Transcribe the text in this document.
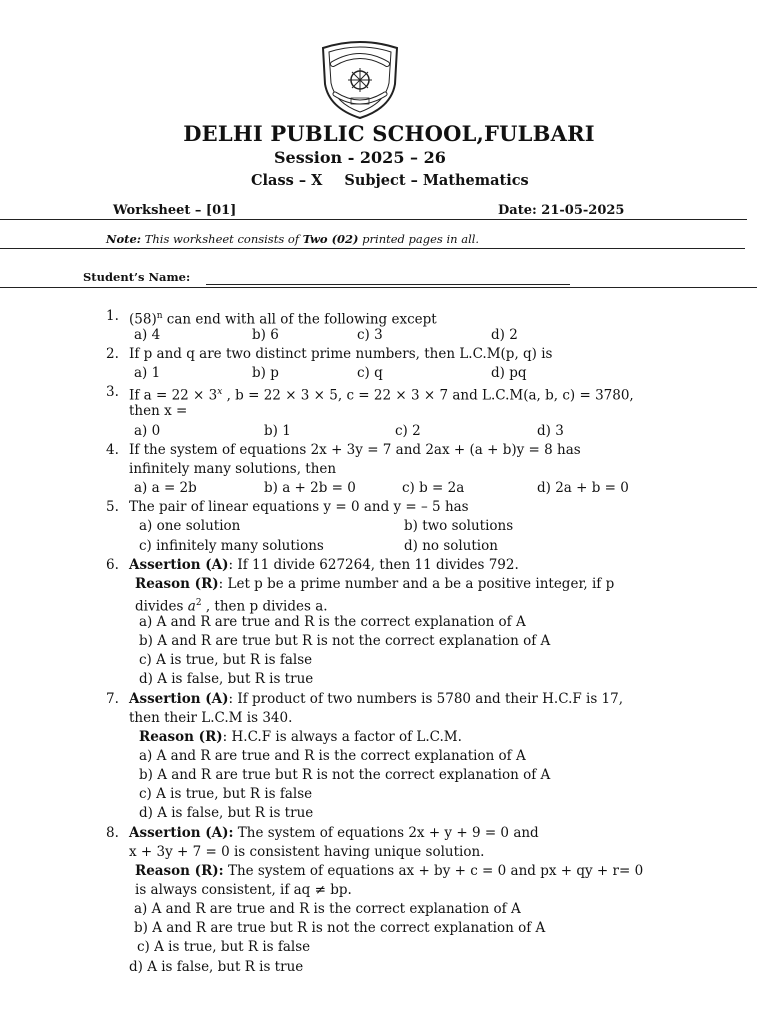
DELHI PUBLIC SCHOOL,FULBARI
Session - 2025 – 26
Class – X Subject – Mathematics
Worksheet – [01]	Date: 21-05-2025
Note: This worksheet consists of Two (02) printed pages in all.
Student’s Name:
1. $(58)^n$ can end with all of the following except
a) 4	b) 6	c) 3	d) 2
2. If p and q are two distinct prime numbers, then L.C.M(p, q) is
a) 1	b) p	c) q	d) pq
3. If $a = 22 \times 3^x$ , b = 22 × 3 × 5, c = 22 × 3 × 7 and L.C.M(a, b, c) = 3780,
then x =
a) 0	b) 1	c) 2	d) 3
4. If the system of equations 2x + 3y = 7 and 2ax + (a + b)y = 8 has
infinitely many solutions, then
a) a = 2b	b) a + 2b = 0	c) b = 2a	d) 2a + b = 0
5. The pair of linear equations y = 0 and y = – 5 has
a) one solution	b) two solutions
c) infinitely many solutions	d) no solution
6. Assertion (A): If 11 divide 627264, then 11 divides 792.
Reason (R): Let p be a prime number and a be a positive integer, if p
divides $a^2$ , then p divides a.
a) A and R are true and R is the correct explanation of A
b) A and R are true but R is not the correct explanation of A
c) A is true, but R is false
d) A is false, but R is true
7. Assertion (A): If product of two numbers is 5780 and their H.C.F is 17,
then their L.C.M is 340.
Reason (R): H.C.F is always a factor of L.C.M.
a) A and R are true and R is the correct explanation of A
b) A and R are true but R is not the correct explanation of A
c) A is true, but R is false
d) A is false, but R is true
8. Assertion (A): The system of equations 2x + y + 9 = 0 and
x + 3y + 7 = 0 is consistent having unique solution.
Reason (R): The system of equations ax + by + c = 0 and px + qy + r= 0
is always consistent, if aq ≠ bp.
a) A and R are true and R is the correct explanation of A
b) A and R are true but R is not the correct explanation of A
c) A is true, but R is false
d) A is false, but R is true
